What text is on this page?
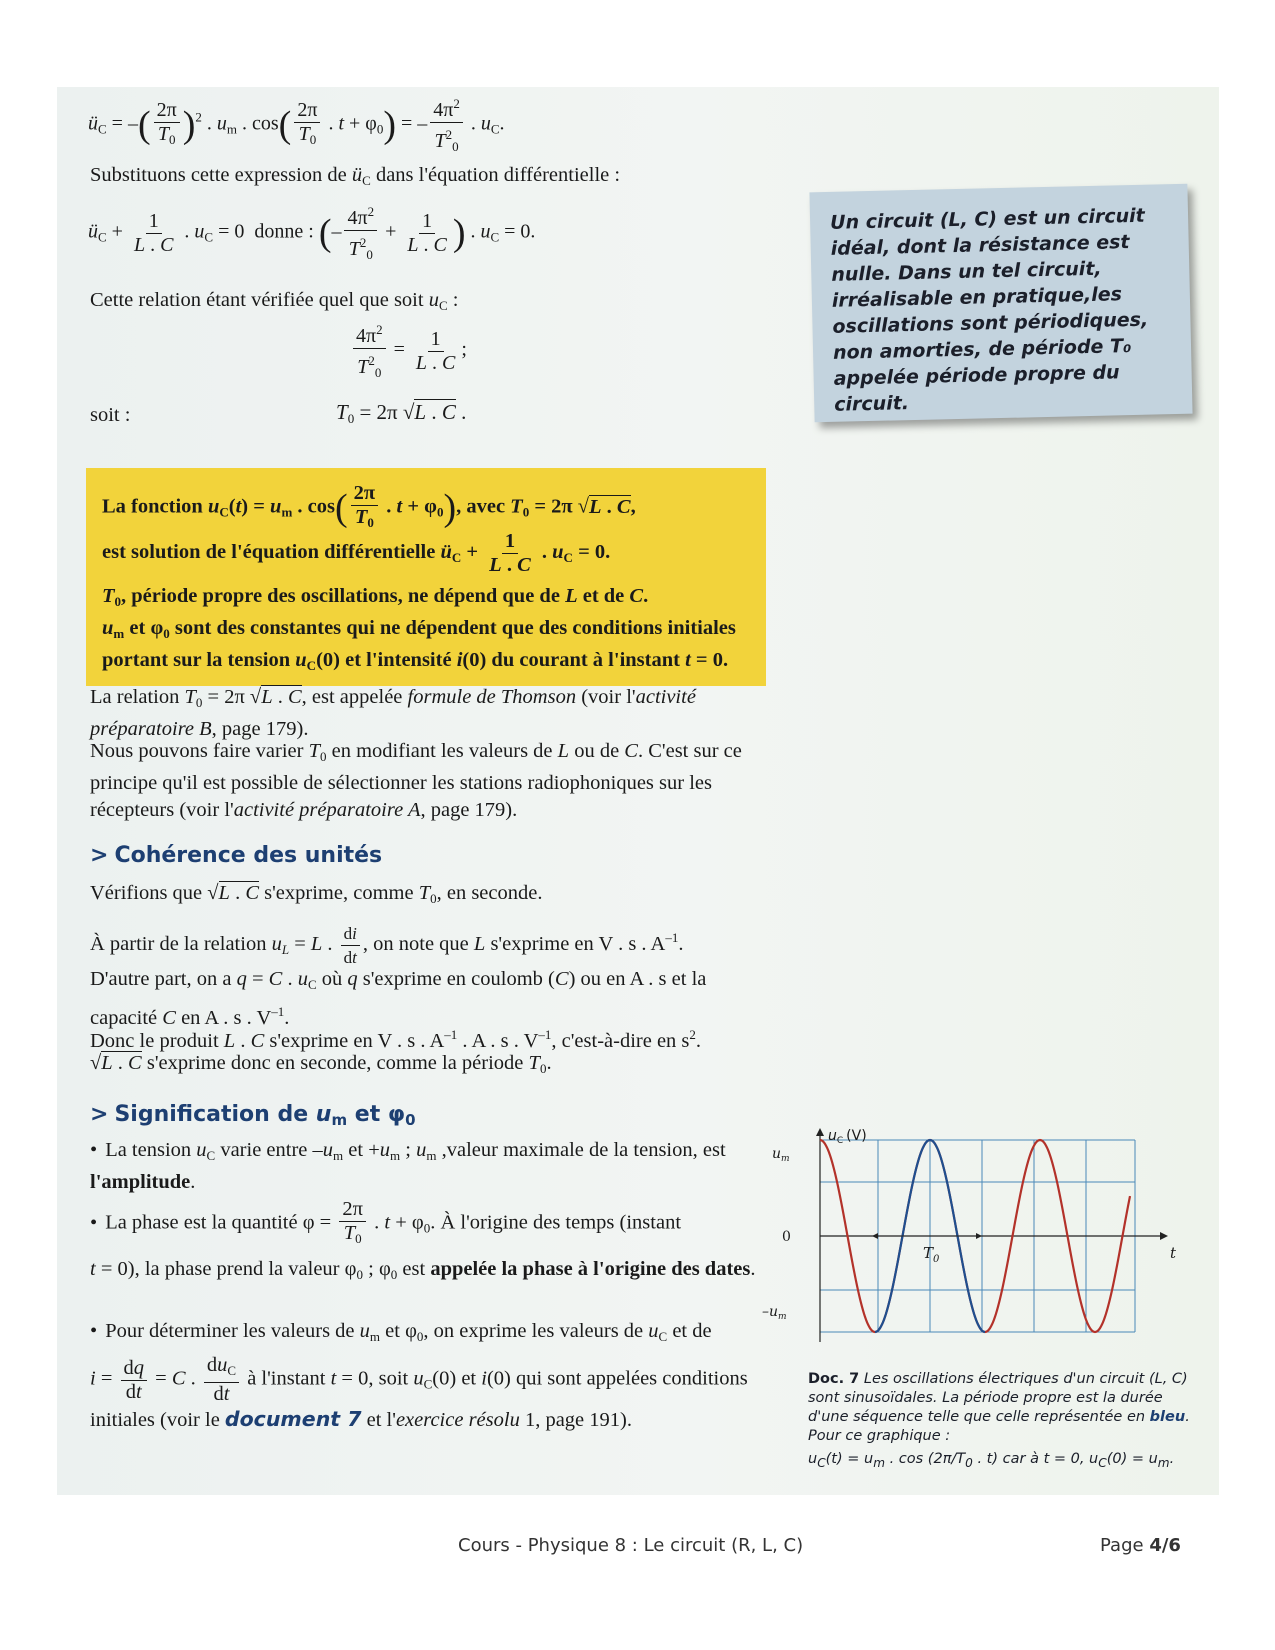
$ü_C$ = –( $\frac{2\pi}{T_0} )^2$ . $u_m$ . $\cos( \frac{2\pi}{T_0}$ . $t + \varphi_0$) = – $\frac{4\pi^2}{T^2_0}$ . $u_C$.
Substituons cette expression de $ü_C$ dans l'équation différentielle :
$ü_C + \frac{1}{L . C}$ . $u_C = 0$  donne : (– $\frac{4\pi^2}{T^2_0} + \frac{1}{L . C}$ ) . $u_C = 0$.
Cette relation étant vérifiée quel que soit $u_C$ :
$\frac{4\pi^2}{T^2_0} = \frac{1}{L . C}$ ;
soit :	$T_0 = 2\pi$ √L . C .
La fonction $u_C(t) = u_m$ . $\cos( \frac{2\pi}{T_0}$ . $t + \varphi_0$), avec $T_0 = 2\pi$ √L . C,
est solution de l'équation différentielle $ü_C + \frac{1}{L . C}$ . $u_C = 0$.
$T_0$, période propre des oscillations, ne dépend que de L et de C.
$u_m$ et $\varphi_0$ sont des constantes qui ne dépendent que des conditions initiales portant sur la tension $u_C(0)$ et l'intensité i(0) du courant à l'instant t = 0.
La relation $T_0 = 2\pi$ √L . C, est appelée formule de Thomson (voir l'activité préparatoire B, page 179).
Nous pouvons faire varier $T_0$ en modifiant les valeurs de L ou de C. C'est sur ce principe qu'il est possible de sélectionner les stations radiophoniques sur les récepteurs (voir l'activité préparatoire A, page 179).
> Cohérence des unités
Vérifions que √L . C s'exprime, comme $T_0$, en seconde.
À partir de la relation $u_L = L$ . $\frac{di}{dt}$ , on note que L s'exprime en V . s . $A^{-1}$.
D'autre part, on a q = C . $u_C$ où q s'exprime en coulomb (C) ou en A . s et la capacité C en A . s . $V^{-1}$.
Donc le produit L . C s'exprime en V . s . $A^{-1}$ . A . s . $V^{-1}$, c'est-à-dire en $s^2$.
√L . C s'exprime donc en seconde, comme la période $T_0$.
> Signification de $u_m$ et $\varphi_0$
• La tension $u_C$ varie entre $-u_m$ et $+u_m$ ; $u_m$ ,valeur maximale de la tension, est l'amplitude.
• La phase est la quantité $\varphi = \frac{2\pi}{T_0}$ . $t + \varphi_0$. À l'origine des temps (instant
t = 0), la phase prend la valeur $\varphi_0$ ; $\varphi_0$ est appelée la phase à l'origine des dates.
• Pour déterminer les valeurs de $u_m$ et $\varphi_0$, on exprime les valeurs de $u_C$ et de
$i = \frac{dq}{dt} = C$ . $\frac{du_C}{dt}$ à l'instant t = 0, soit $u_C(0)$ et i(0) qui sont appelées conditions initiales (voir le document 7 et l'exercice résolu 1, page 191).
Un circuit (L, C) est un circuit idéal, dont la résistance est nulle. Dans un tel circuit, irréalisable en pratique,les oscillations sont périodiques, non amorties, de période T₀ appelée période propre du circuit.
$T_0$
$u_C$ (V)
$u_m$
0
$-u_m$
t
Doc. 7 Les oscillations électriques d'un circuit (L, C) sont sinusoïdales. La période propre est la durée d'une séquence telle que celle représentée en bleu. Pour ce graphique :
$u_C(t) = u_m$ . $\cos (2\pi/T_0$ . t) car à t = 0, $u_C(0) = u_m$.
Cours - Physique 8 : Le circuit (R, L, C)	Page 4/6
